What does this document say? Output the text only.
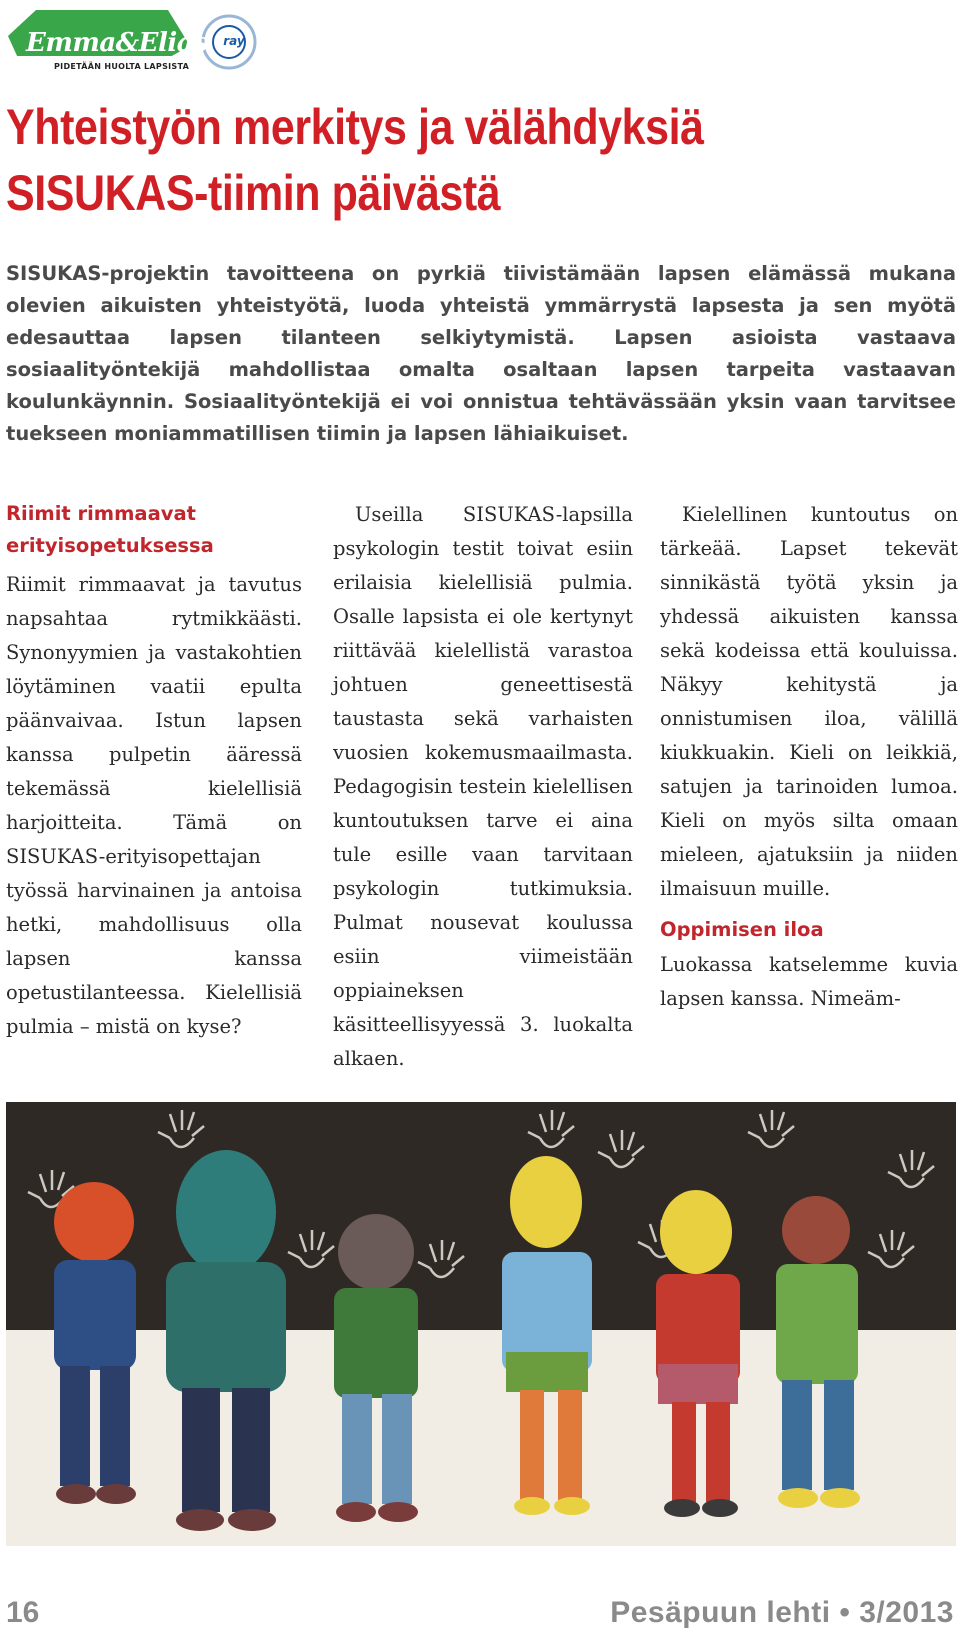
Emma&Elias
PIDETÄÄN HUOLTA LAPSISTA
ray
Yhteistyön merkitys ja välähdyksiä
SISUKAS-tiimin päivästä

SISUKAS-projektin tavoitteena on pyrkiä tiivistämään lapsen elämässä mukana olevien aikuisten yhteistyötä, luoda yhteistä ymmärrystä lapsesta ja sen myötä edesauttaa lapsen tilanteen selkiytymistä. Lapsen asioista vastaava sosiaalityöntekijä mahdollistaa omalta osaltaan lapsen tarpeita vastaavan koulunkäynnin. Sosiaalityöntekijä ei voi onnistua tehtävässään yksin vaan tarvitsee tuekseen moniammatillisen tiimin ja lapsen lähiaikuiset.

Riimit rimmaavat erityisopetuksessa

Riimit rimmaavat ja tavutus napsahtaa rytmikkäästi. Synonyymien ja vastakohtien löytäminen vaatii epulta päänvaivaa. Istun lapsen kanssa pulpetin ääressä tekemässä kielellisiä harjoitteita. Tämä on SISUKAS-erityisopettajan työssä harvinainen ja antoisa hetki, mahdollisuus olla lapsen kanssa opetustilanteessa. Kielellisiä pulmia – mistä on kyse?

Useilla SISUKAS-lapsilla psykologin testit toivat esiin erilaisia kielellisiä pulmia. Osalle lapsista ei ole kertynyt riittävää kielellistä varastoa johtuen geneettisestä taustasta sekä varhaisten vuosien kokemusmaailmasta. Pedagogisin testein kielellisen kuntoutuksen tarve ei aina tule esille vaan tarvitaan psykologin tutkimuksia. Pulmat nousevat koulussa esiin viimeistään oppiaineksen käsitteellisyyessä 3. luokalta alkaen.

Kielellinen kuntoutus on tärkeää. Lapset tekevät sinnikästä työtä yksin ja yhdessä aikuisten kanssa sekä kodeissa että kouluissa. Näkyy kehitystä ja onnistumisen iloa, välillä kiukkuakin. Kieli on leikkiä, satujen ja tarinoiden lumoa. Kieli on myös silta omaan mieleen, ajatuksiin ja niiden ilmaisuun muille.

Oppimisen iloa

Luokassa katselemme kuvia lapsen kanssa. Nimeäm-

16	Pesäpuun lehti • 3/2013
